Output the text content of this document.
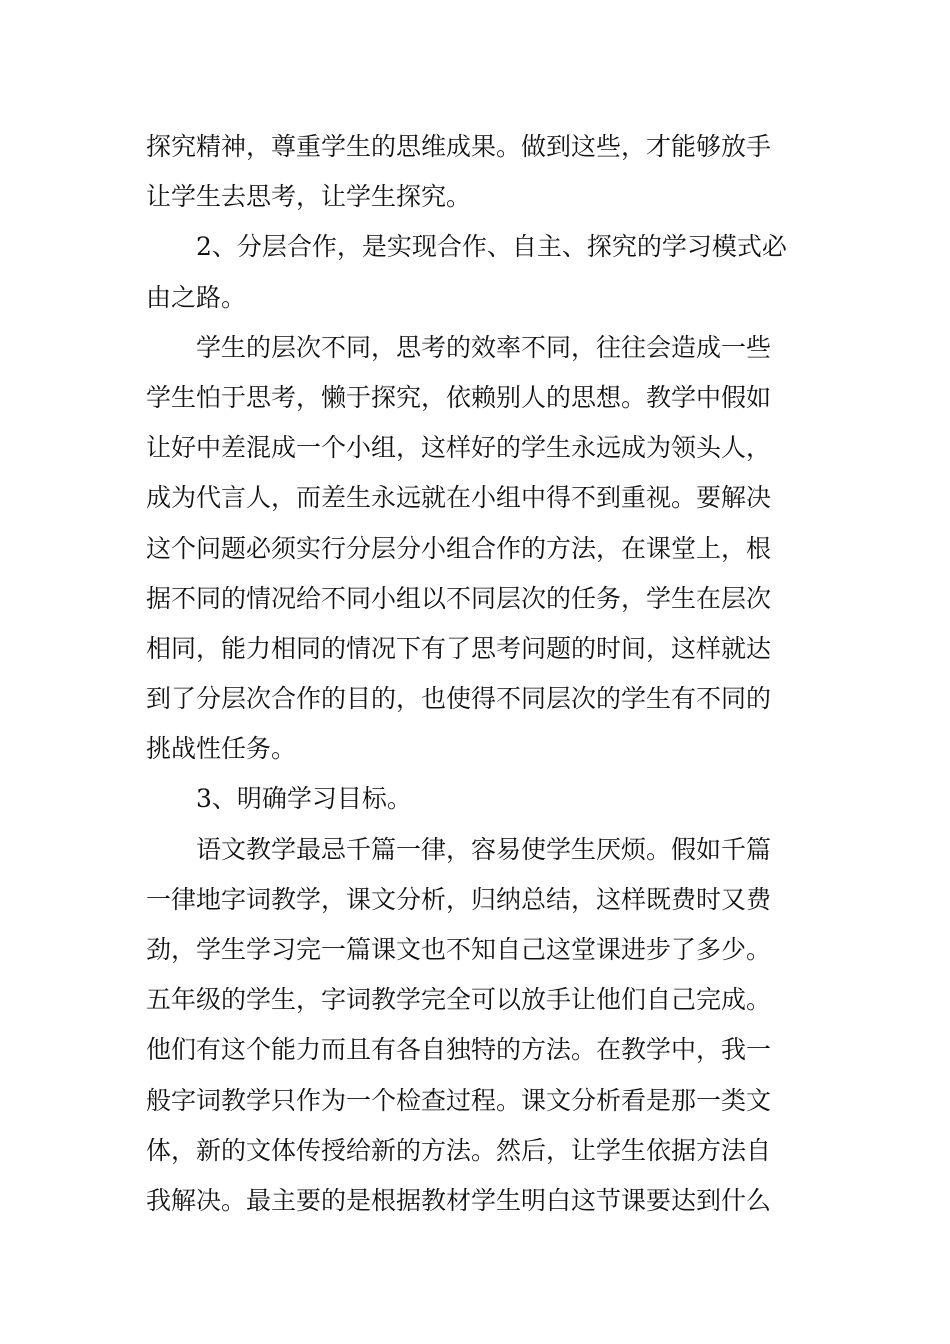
探究精神，尊重学生的思维成果。做到这些，才能够放手
让学生去思考，让学生探究。
2、分层合作，是实现合作、自主、探究的学习模式必
由之路。
学生的层次不同，思考的效率不同，往往会造成一些
学生怕于思考，懒于探究，依赖别人的思想。教学中假如
让好中差混成一个小组，这样好的学生永远成为领头人，
成为代言人，而差生永远就在小组中得不到重视。要解决
这个问题必须实行分层分小组合作的方法，在课堂上，根
据不同的情况给不同小组以不同层次的任务，学生在层次
相同，能力相同的情况下有了思考问题的时间，这样就达
到了分层次合作的目的，也使得不同层次的学生有不同的
挑战性任务。
3、明确学习目标。
语文教学最忌千篇一律，容易使学生厌烦。假如千篇
一律地字词教学，课文分析，归纳总结，这样既费时又费
劲，学生学习完一篇课文也不知自己这堂课进步了多少。
五年级的学生，字词教学完全可以放手让他们自己完成。
他们有这个能力而且有各自独特的方法。在教学中，我一
般字词教学只作为一个检查过程。课文分析看是那一类文
体，新的文体传授给新的方法。然后，让学生依据方法自
我解决。最主要的是根据教材学生明白这节课要达到什么
